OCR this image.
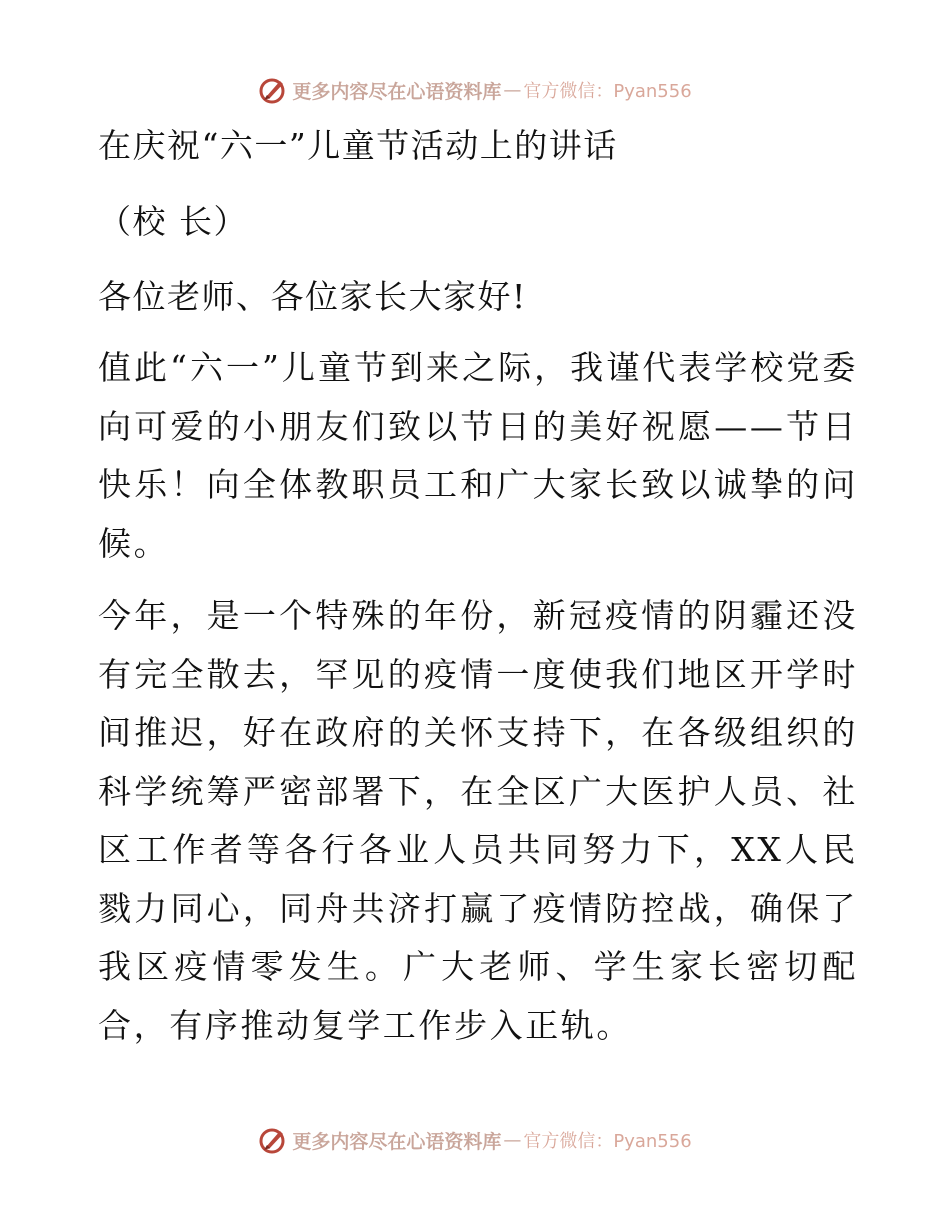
更多内容尽在心语资料库 — 官方微信：Pyan556
在庆祝“六一”儿童节活动上的讲话
（校 长）
各位老师、各位家长大家好!
值此“六一”儿童节到来之际，我谨代表学校党委向可爱的小朋友们致以节日的美好祝愿——节日快乐！向全体教职员工和广大家长致以诚挚的问候。
今年，是一个特殊的年份，新冠疫情的阴霾还没有完全散去，罕见的疫情一度使我们地区开学时间推迟，好在政府的关怀支持下，在各级组织的科学统筹严密部署下，在全区广大医护人员、社区工作者等各行各业人员共同努力下，XX人民戮力同心，同舟共济打赢了疫情防控战，确保了我区疫情零发生。广大老师、学生家长密切配合，有序推动复学工作步入正轨。
更多内容尽在心语资料库 — 官方微信：Pyan556
